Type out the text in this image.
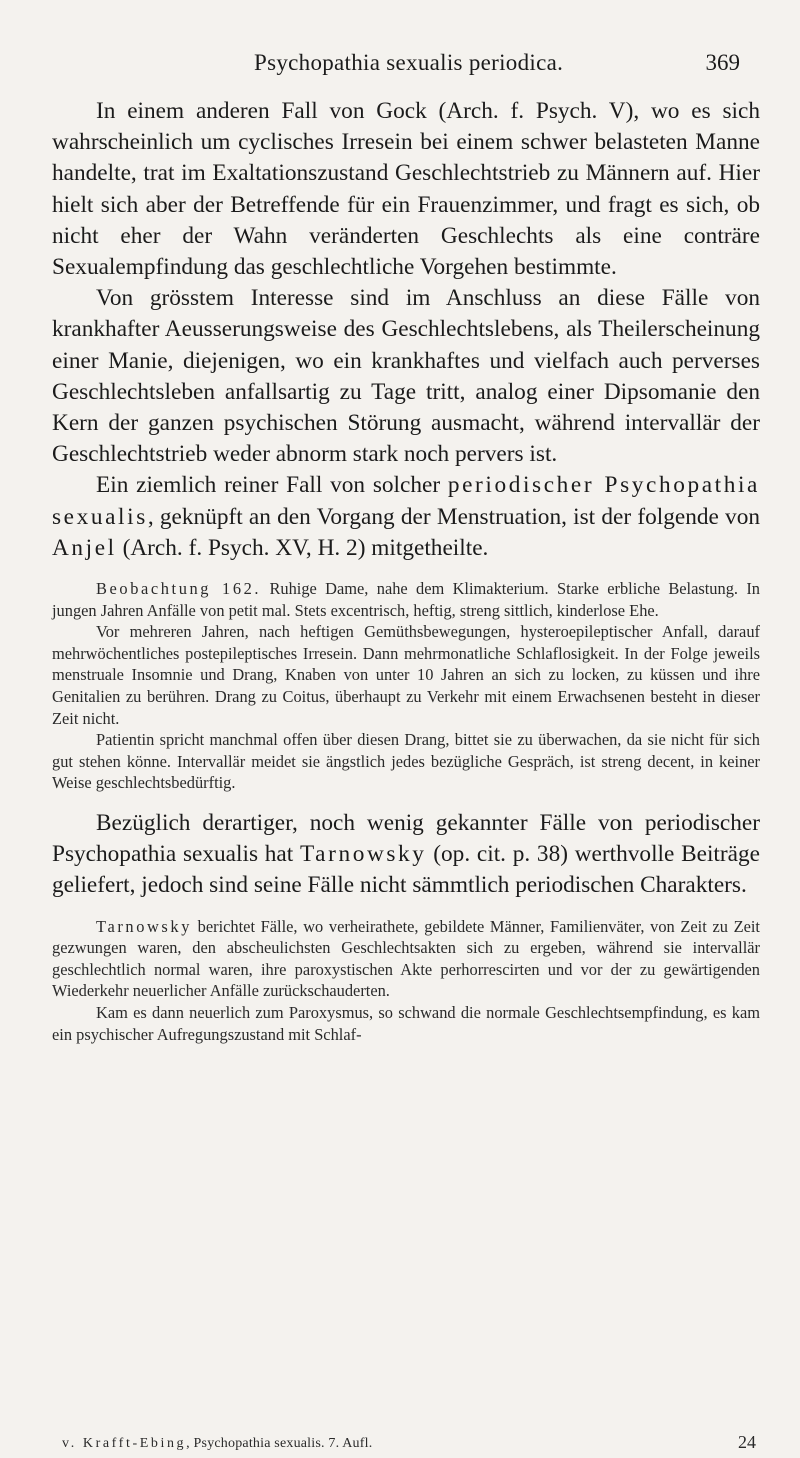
Psychopathia sexualis periodica.	369

In einem anderen Fall von Gock (Arch. f. Psych. V), wo es sich wahrscheinlich um cyclisches Irresein bei einem schwer belasteten Manne handelte, trat im Exaltationszustand Geschlechtstrieb zu Männern auf. Hier hielt sich aber der Betreffende für ein Frauenzimmer, und fragt es sich, ob nicht eher der Wahn veränderten Geschlechts als eine conträre Sexualempfindung das geschlechtliche Vorgehen bestimmte.

Von grösstem Interesse sind im Anschluss an diese Fälle von krankhafter Aeusserungsweise des Geschlechtslebens, als Theilerscheinung einer Manie, diejenigen, wo ein krankhaftes und vielfach auch perverses Geschlechtsleben anfallsartig zu Tage tritt, analog einer Dipsomanie den Kern der ganzen psychischen Störung ausmacht, während intervallär der Geschlechtstrieb weder abnorm stark noch pervers ist.

Ein ziemlich reiner Fall von solcher periodischer Psychopathia sexualis, geknüpft an den Vorgang der Menstruation, ist der folgende von Anjel (Arch. f. Psych. XV, H. 2) mitgetheilte.

Beobachtung 162. Ruhige Dame, nahe dem Klimakterium. Starke erbliche Belastung. In jungen Jahren Anfälle von petit mal. Stets excentrisch, heftig, streng sittlich, kinderlose Ehe.

Vor mehreren Jahren, nach heftigen Gemüthsbewegungen, hysteroepileptischer Anfall, darauf mehrwöchentliches postepileptisches Irresein. Dann mehrmonatliche Schlaflosigkeit. In der Folge jeweils menstruale Insomnie und Drang, Knaben von unter 10 Jahren an sich zu locken, zu küssen und ihre Genitalien zu berühren. Drang zu Coitus, überhaupt zu Verkehr mit einem Erwachsenen besteht in dieser Zeit nicht.

Patientin spricht manchmal offen über diesen Drang, bittet sie zu überwachen, da sie nicht für sich gut stehen könne. Intervallär meidet sie ängstlich jedes bezügliche Gespräch, ist streng decent, in keiner Weise geschlechtsbedürftig.

Bezüglich derartiger, noch wenig gekannter Fälle von periodischer Psychopathia sexualis hat Tarnowsky (op. cit. p. 38) werthvolle Beiträge geliefert, jedoch sind seine Fälle nicht sämmtlich periodischen Charakters.

Tarnowsky berichtet Fälle, wo verheirathete, gebildete Männer, Familienväter, von Zeit zu Zeit gezwungen waren, den abscheulichsten Geschlechtsakten sich zu ergeben, während sie intervallär geschlechtlich normal waren, ihre paroxystischen Akte perhorrescirten und vor der zu gewärtigenden Wiederkehr neuerlicher Anfälle zurückschauderten.

Kam es dann neuerlich zum Paroxysmus, so schwand die normale Geschlechtsempfindung, es kam ein psychischer Aufregungszustand mit Schlaf-

v. Krafft-Ebing, Psychopathia sexualis. 7. Aufl.	24
